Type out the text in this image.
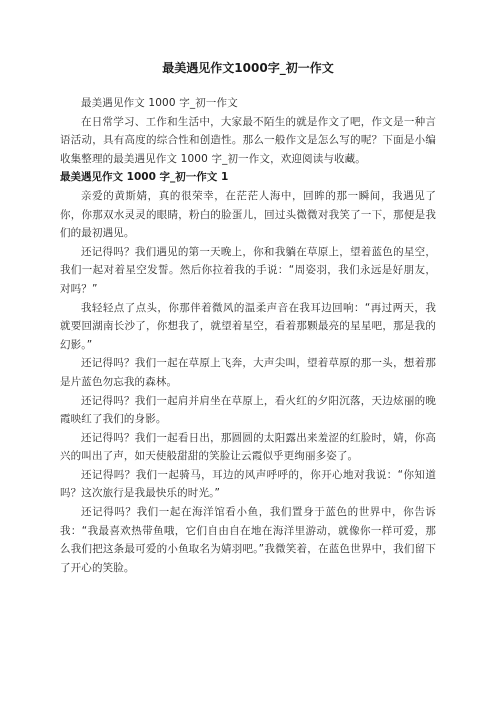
最美遇见作文1000字_初一作文

最美遇见作文 1000 字_初一作文

在日常学习、工作和生活中，大家最不陌生的就是作文了吧，作文是一种言语活动，具有高度的综合性和创造性。那么一般作文是怎么写的呢？下面是小编收集整理的最美遇见作文 1000 字_初一作文，欢迎阅读与收藏。

最美遇见作文 1000 字_初一作文 1

亲爱的黄斯婧，真的很荣幸，在茫茫人海中，回眸的那一瞬间，我遇见了你，你那双水灵灵的眼睛，粉白的脸蛋儿，回过头微微对我笑了一下，那便是我们的最初遇见。

还记得吗？我们遇见的第一天晚上，你和我躺在草原上，望着蓝色的星空，我们一起对着星空发誓。然后你拉着我的手说：“周姿羽，我们永远是好朋友，对吗？”

我轻轻点了点头，你那伴着微风的温柔声音在我耳边回响：“再过两天，我就要回湖南长沙了，你想我了，就望着星空，看着那颗最亮的星星吧，那是我的幻影。”

还记得吗？我们一起在草原上飞奔，大声尖叫，望着草原的那一头，想着那是片蓝色勿忘我的森林。

还记得吗？我们一起肩并肩坐在草原上，看火红的夕阳沉落，天边炫丽的晚霞映红了我们的身影。

还记得吗？我们一起看日出，那圆圆的太阳露出来羞涩的红脸时，婧，你高兴的叫出了声，如天使般甜甜的笑脸让云霞似乎更绚丽多姿了。

还记得吗？我们一起骑马，耳边的风声呼呼的，你开心地对我说：“你知道吗？这次旅行是我最快乐的时光。”

还记得吗？我们一起在海洋馆看小鱼，我们置身于蓝色的世界中，你告诉我：“我最喜欢热带鱼哦，它们自由自在地在海洋里游动，就像你一样可爱，那么我们把这条最可爱的小鱼取名为婧羽吧。”我微笑着，在蓝色世界中，我们留下了开心的笑脸。
